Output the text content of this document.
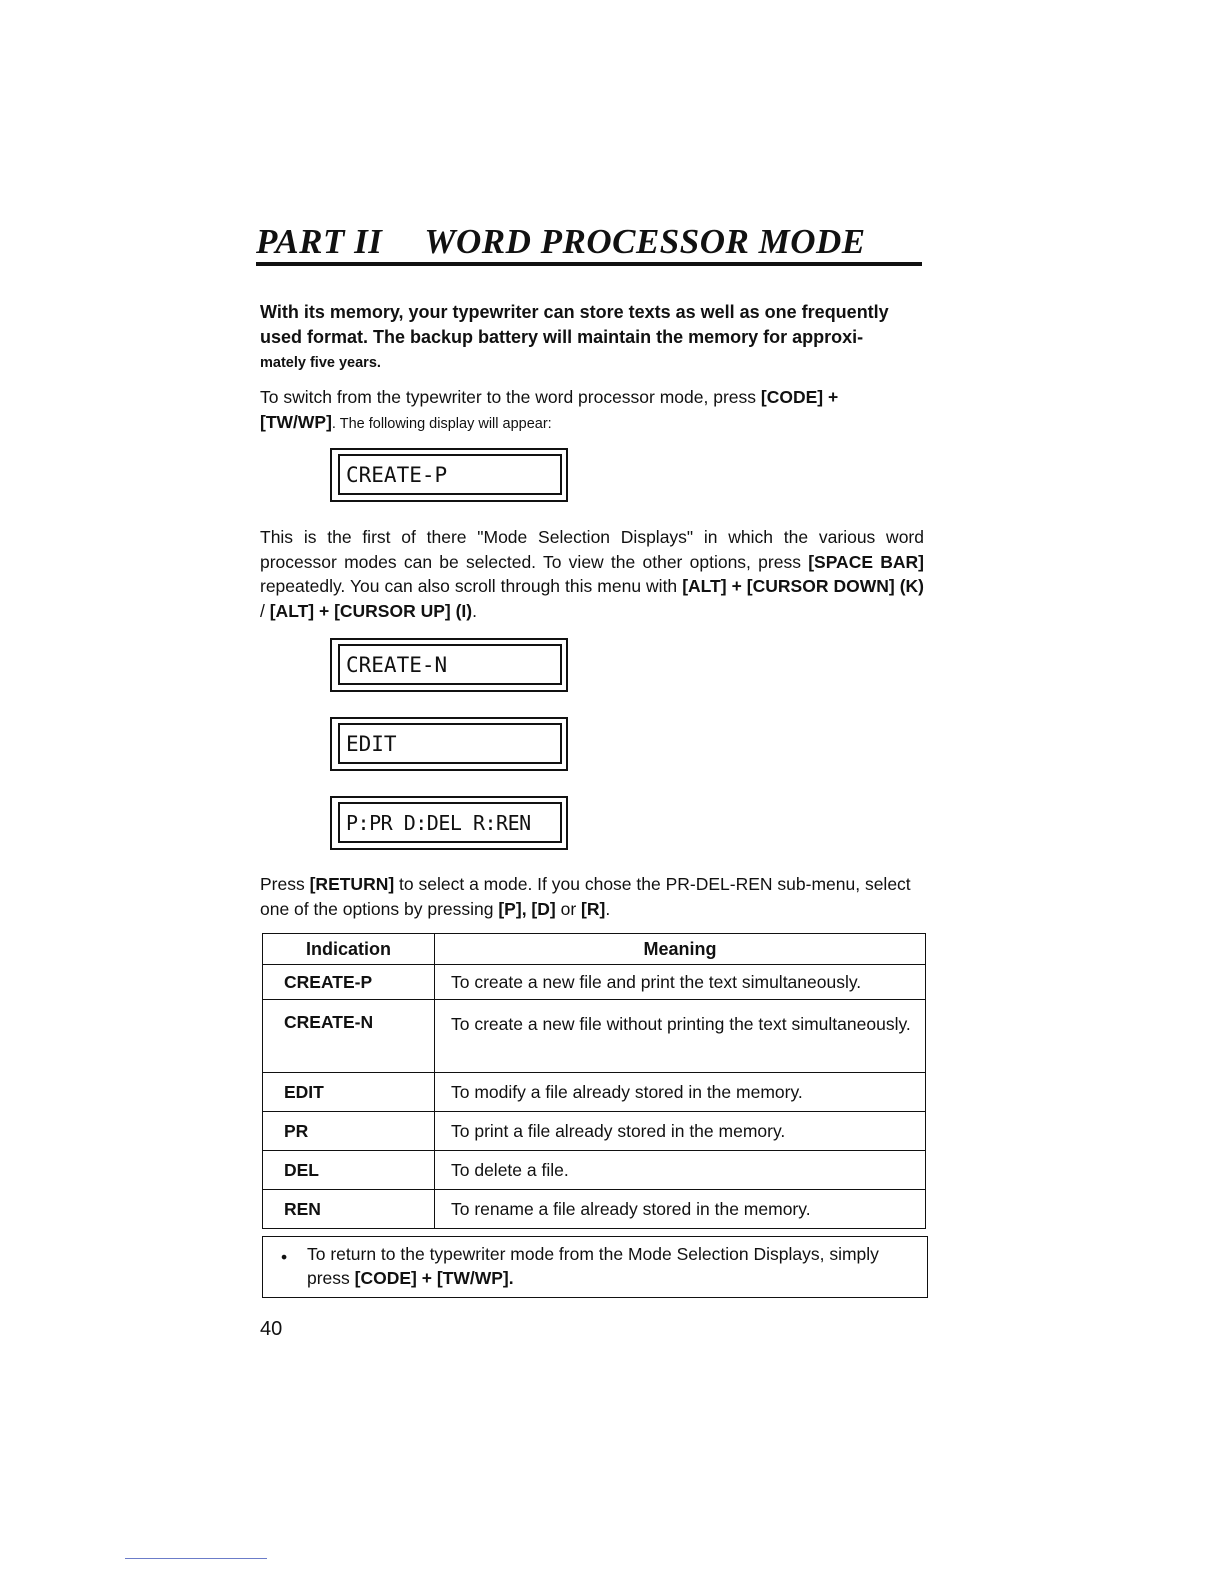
PART II WORD PROCESSOR MODE

With its memory, your typewriter can store texts as well as one frequently used format. The backup battery will maintain the memory for approxi-
mately five years.

To switch from the typewriter to the word processor mode, press [CODE] +
[TW/WP]. The following display will appear:

CREATE-P

This is the first of there "Mode Selection Displays" in which the various word processor modes can be selected. To view the other options, press [SPACE BAR] repeatedly. You can also scroll through this menu with [ALT] + [CURSOR DOWN] (K) / [ALT] + [CURSOR UP] (I).

CREATE-N
EDIT
P:PR D:DEL R:REN

Press [RETURN] to select a mode. If you chose the PR-DEL-REN sub-menu, select one of the options by pressing [P], [D] or [R].

Indication	Meaning
CREATE-P	To create a new file and print the text simultaneously.
CREATE-N	To create a new file without printing the text simultaneously.
EDIT	To modify a file already stored in the memory.
PR	To print a file already stored in the memory.
DEL	To delete a file.
REN	To rename a file already stored in the memory.
• To return to the typewriter mode from the Mode Selection Displays, simply press [CODE] + [TW/WP].
40
